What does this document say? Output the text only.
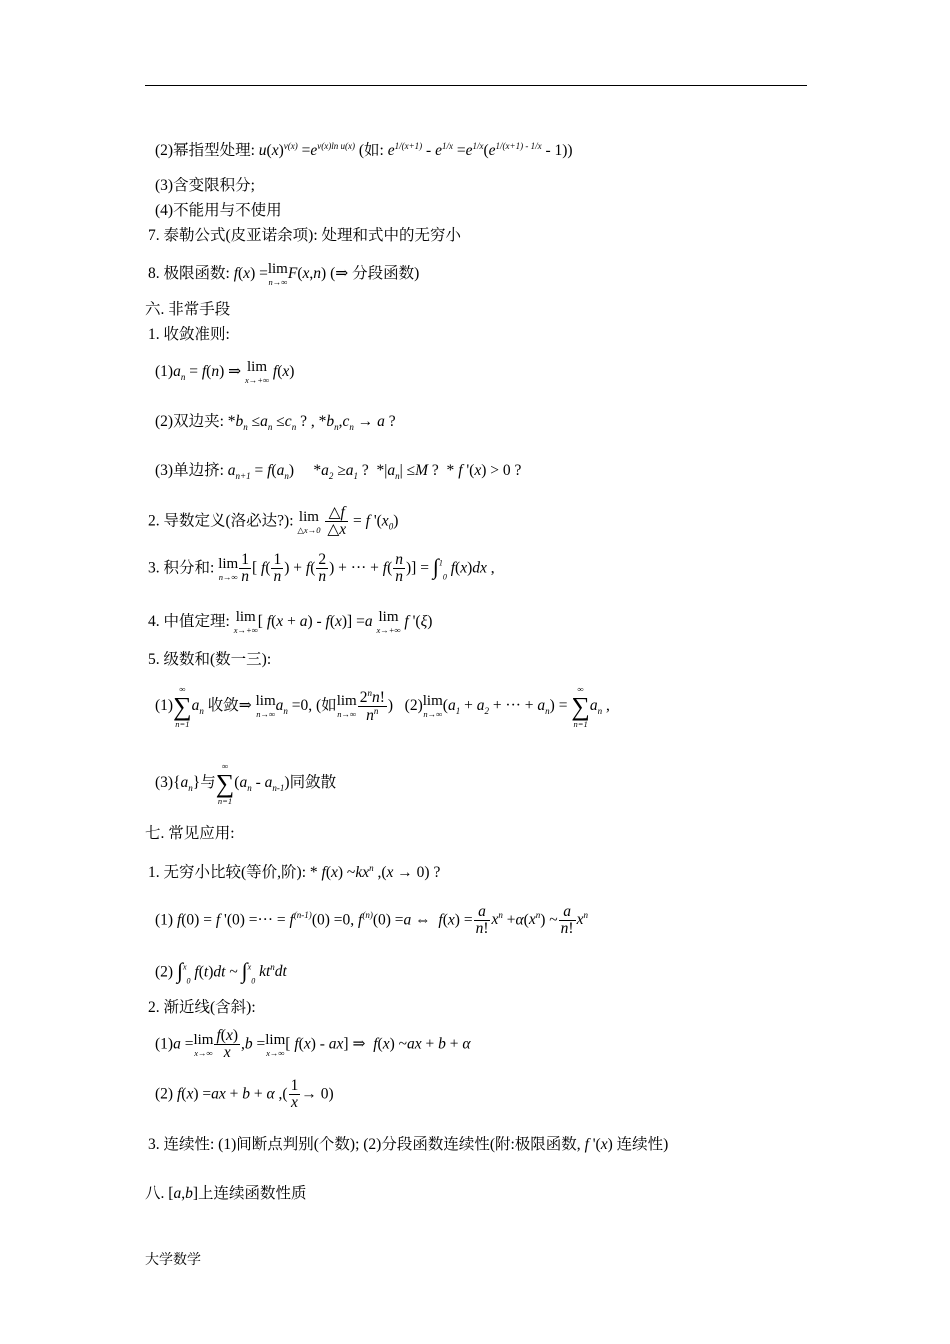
(2)幂指型处理: $u(x)^{v(x)} =e^{v(x)ln u(x)}$ (如: $e^{1/(x+1)} - e^{1/x} =e^{1/x}(e^{1/(x+1) - 1/x} - 1)$)
(3)含变限积分;
(4)不能用与不使用
7. 泰勒公式(皮亚诺余项): 处理和式中的无穷小
8. 极限函数: f(x) = lim
n→∞
F(x,n) (⇒ 分段函数)
六. 非常手段
1. 收敛准则:
$(1)a_n = f(n)$ ⇒ lim
x→+∞
f(x)
(2)双边夹: $*b_n \le a_n \le c_n$ ? , $*b_n,c_n \to a$ ?
(3)单边挤: $a_{n+1} = f(a_n)$     $*a_2 \ge a_1$ ?  $*|a_n| \le M$ ?  * f '(x) > 0 ?
2. 导数定义(洛必达?): lim
△x→0
$\frac{\triangle f}{\triangle x} = f$ '$(x_0)$
3. 积分和: lim
$n\to\infty \frac{1}{n}$ [ $f( \frac{1}{n}$ ) + $f( \frac{2}{n}$ ) + ··· + $f( \frac{n}{n}$ )] = ∫$^1_0$ f(x)dx ,
4. 中值定理: lim
x→+∞
[ f(x + a) - f(x)] =a lim
x→+∞
f '(ξ)
5. 级数和(数一三):
(1)
∞
∑
n=1
$a_n$ 收敛⇒ lim
n→∞
$a_n =0$, (如 lim
$n\to\infty \frac{2^nn!}{n^n}$ ) (2) lim
n→∞
($a_1 + a_2$ + ··· + $a_n$) =
∞
∑
n=1
$a_n$ ,
$(3)\{a_n\}$与
∞
∑
n=1
$(a_n - a_{n-1})$同敛散
七. 常见应用:
1. 无穷小比较(等价,阶): * f(x) $\sim kx^n$ ,(x → 0) ?
(1) f(0) = f '(0) =··· = $f^{(n-1)}(0) =0$, $f^{(n)}(0) =a$ ⇔  $f(x) = \frac{a}{n!} x^n +\alpha(x^n)$ ~ $\frac{a}{n!} x^n$
(2) ∫$^x_0$ f(t)dt ~ ∫$^x_0$ $kt^ndt$
2. 渐近线(含斜):
(1)a = lim
$x\to\infty \frac{f(x)}{x} ,b = \lim$
x→∞
[ f(x) - ax] ⇒  f(x) ~ax + b + α
(2) f(x) =ax + b + α ,( $\frac{1}{x} \to 0$)
3. 连续性: (1)间断点判别(个数); (2)分段函数连续性(附:极限函数, f '(x) 连续性)
八. [a,b]上连续函数性质
大学数学
